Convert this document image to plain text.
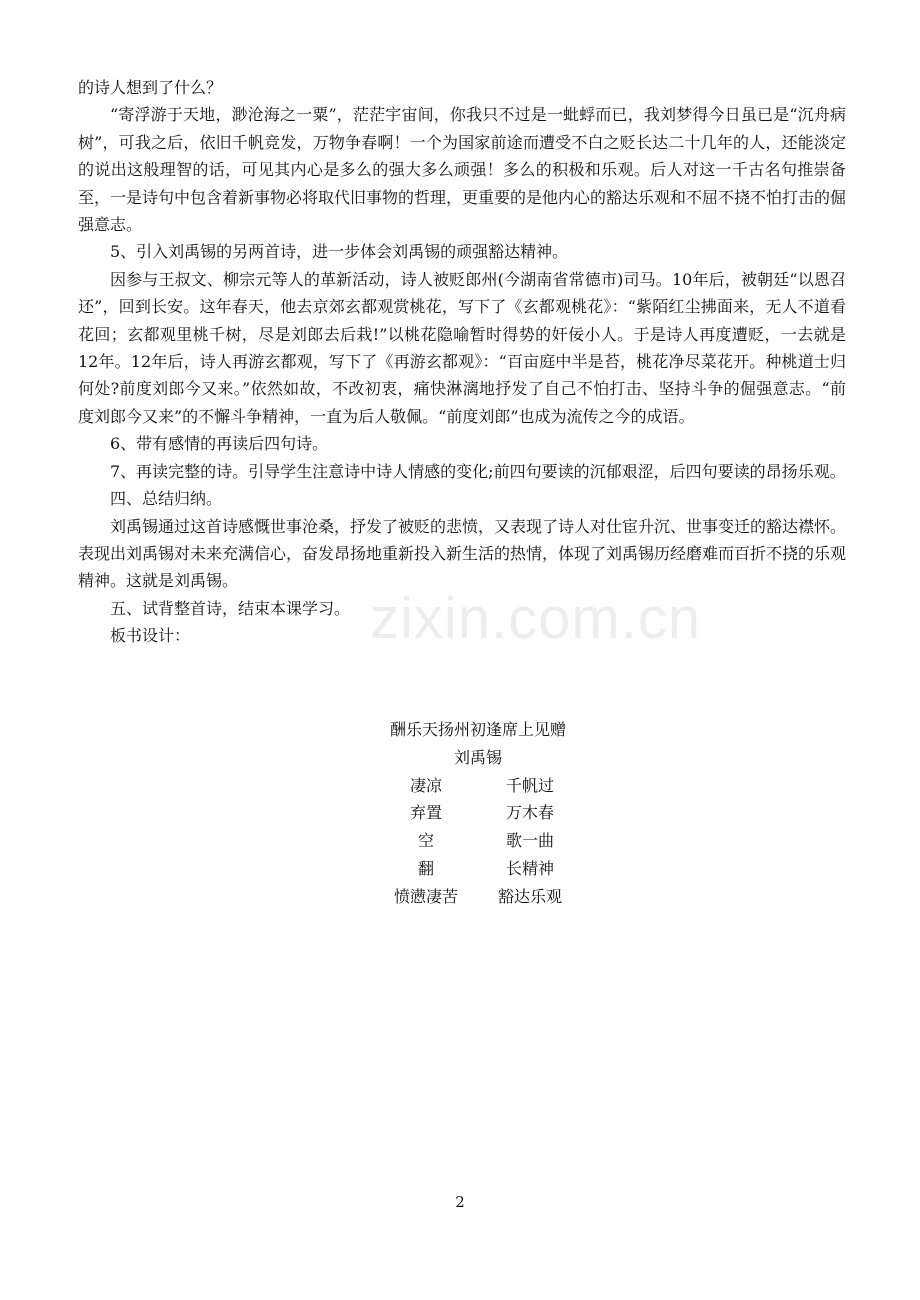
zixin.com.cn

的诗人想到了什么？

“寄浮游于天地，渺沧海之一粟”，茫茫宇宙间，你我只不过是一蚍蜉而已，我刘梦得今日虽已是“沉舟病树”，可我之后，依旧千帆竞发，万物争春啊！一个为国家前途而遭受不白之贬长达二十几年的人，还能淡定的说出这般理智的话，可见其内心是多么的强大多么顽强！多么的积极和乐观。后人对这一千古名句推崇备至，一是诗句中包含着新事物必将取代旧事物的哲理，更重要的是他内心的豁达乐观和不屈不挠不怕打击的倔强意志。

5、引入刘禹锡的另两首诗，进一步体会刘禹锡的顽强豁达精神。

因参与王叔文、柳宗元等人的革新活动，诗人被贬郎州(今湖南省常德市)司马。10年后，被朝廷“以恩召还”，回到长安。这年春天，他去京郊玄都观赏桃花，写下了《玄都观桃花》：“紫陌红尘拂面来，无人不道看花回；玄都观里桃千树，尽是刘郎去后栽!”以桃花隐喻暂时得势的奸佞小人。于是诗人再度遭贬，一去就是12年。12年后，诗人再游玄都观，写下了《再游玄都观》：“百亩庭中半是苔，桃花净尽菜花开。种桃道士归何处?前度刘郎今又来。”依然如故，不改初衷，痛快淋漓地抒发了自己不怕打击、坚持斗争的倔强意志。“前度刘郎今又来”的不懈斗争精神，一直为后人敬佩。“前度刘郎”也成为流传之今的成语。

6、带有感情的再读后四句诗。

7、再读完整的诗。引导学生注意诗中诗人情感的变化;前四句要读的沉郁艰涩，后四句要读的昂扬乐观。

四、总结归纳。

刘禹锡通过这首诗感慨世事沧桑，抒发了被贬的悲愤，又表现了诗人对仕宦升沉、世事变迁的豁达襟怀。表现出刘禹锡对未来充满信心，奋发昂扬地重新投入新生活的热情，体现了刘禹锡历经磨难而百折不挠的乐观精神。这就是刘禹锡。

五、试背整首诗，结束本课学习。

板书设计：

酬乐天扬州初逢席上见赠
刘禹锡
凄凉	千帆过
弃置	万木春
空	歌一曲
翻	长精神
愤懑凄苦	豁达乐观
2
